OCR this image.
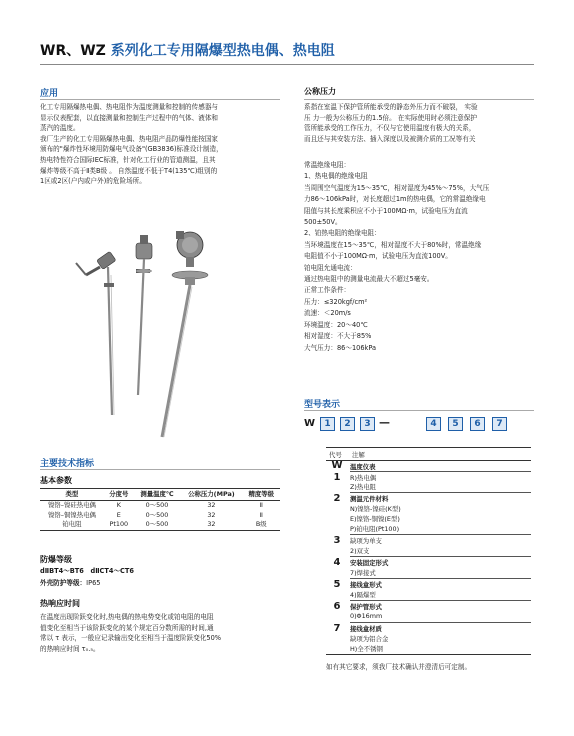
WR、WZ 系列化工专用隔爆型热电偶、热电阻
应用
化工专用隔爆热电偶、热电阻作为温度测量和控制的传感器与
显示仪表配套，以直接测量和控制生产过程中的气体、液体和
蒸汽的温度。
我厂生产的化工专用隔爆热电偶、热电阻产品防爆性能按国家
颁布的"爆炸性环境用防爆电气设备"(GB3836)标准设计制造，
热电特性符合国际IEC标准，针对化工行业的管道测温，且其
爆炸等级不高于Ⅱ类B级 。 自然温度不低于T4(135℃)组别的
1区或2区(户内或户外)的危险场所。
主要技术指标
基本参数
类型	分度号	测量温度℃	公称压力(MPa)	精度等级
镍铬–镍硅热电偶	K	0～500	32	Ⅱ
镍铬–铜镍热电偶	E	0～500	32	Ⅱ
铂电阻	Pt100	0～500	32	B级
防爆等级
dⅡBT4～BT6　dⅡCT4～CT6
外壳防护等级：IP65
热响应时间
在温度出现阶跃变化时,热电偶的热电势变化或铂电阻的电阻
值变化至相当于该阶跃变化的某个规定百分数所需的时间,通
常以 τ 表示，一般应记录输出变化至相当于温度阶跃变化50%
的热响应时间 τ₀.₅。
公称压力
系指在室温下保护管所能承受的静态外压力而不破裂， 实验
压 力一般为公称压力的1.5倍。 在实际使用时必须注意保护
管所能承受的工作压力，不仅与它使用温度有极大的关系，
而且还与其安装方法、插入深度以及被测介质的工况等有关
常温绝缘电阻：
1、热电偶的绝缘电阻
当周围空气温度为15～35℃，相对湿度为45%～75%，大气压
力86～106kPa时，对长度超过1m的热电偶，它的常温绝缘电
阻值与其长度乘积应不小于100MΩ·m，试验电压为直流
500±50V。
2、铂热电阻的绝缘电阻：
当环境温度在15～35℃，相对湿度不大于80%时，常温绝缘
电阻值不小于100MΩ·m，试验电压为直流100V。
铂电阻允通电流：
通过热电阻中的测量电流最大不超过5毫安。
正常工作条件：
压力：≤320kgf/cm²
流速：＜20m/s
环境温度：20～40℃
相对湿度：不大于85%
大气压力：86～106kPa
型号表示
W	1	2	3 —	4	5	6	7
代号 注解
W	温度仪表
1	R)热电偶
Z)热电阻
2	测温元件材料
N)镍铬-镍硅(K型)
E)镍铬-铜镍(E型)
P)铂电阻(Pt100)
3	缺项为单支
2)双支
4	安装固定形式
7)焊接式
5	接线盒形式
4)隔爆型
6	保护管形式
0)Φ16mm
7	接线盒材质
缺项为铝合金
H)全不锈钢
如有其它要求，须我厂技术确认并澄清后可定制。
